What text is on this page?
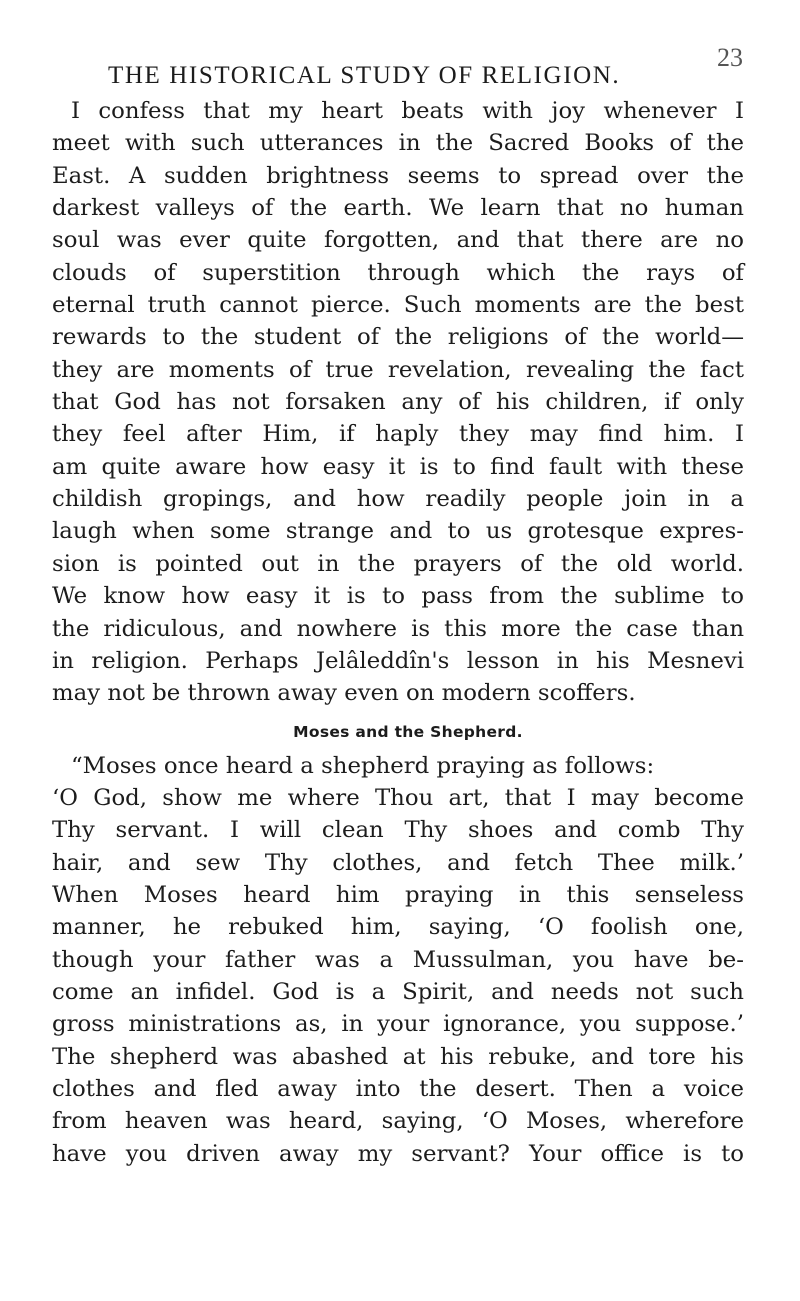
THE HISTORICAL STUDY OF RELIGION.
23
I confess that my heart beats with joy whenever I
meet with such utterances in the Sacred Books of the
East. A sudden brightness seems to spread over the
darkest valleys of the earth. We learn that no human
soul was ever quite forgotten, and that there are no
clouds of superstition through which the rays of
eternal truth cannot pierce. Such moments are the best
rewards to the student of the religions of the world—
they are moments of true revelation, revealing the fact
that God has not forsaken any of his children, if only
they feel after Him, if haply they may find him. I
am quite aware how easy it is to find fault with these
childish gropings, and how readily people join in a
laugh when some strange and to us grotesque expres-
sion is pointed out in the prayers of the old world.
We know how easy it is to pass from the sublime to
the ridiculous, and nowhere is this more the case than
in religion. Perhaps Jelâleddîn's lesson in his Mesnevi
may not be thrown away even on modern scoffers.
Moses and the Shepherd.
“Moses once heard a shepherd praying as follows:
‘O God, show me where Thou art, that I may become
Thy servant. I will clean Thy shoes and comb Thy
hair, and sew Thy clothes, and fetch Thee milk.’
When Moses heard him praying in this senseless
manner, he rebuked him, saying, ‘O foolish one,
though your father was a Mussulman, you have be-
come an infidel. God is a Spirit, and needs not such
gross ministrations as, in your ignorance, you suppose.’
The shepherd was abashed at his rebuke, and tore his
clothes and fled away into the desert. Then a voice
from heaven was heard, saying, ‘O Moses, wherefore
have you driven away my servant? Your office is to
